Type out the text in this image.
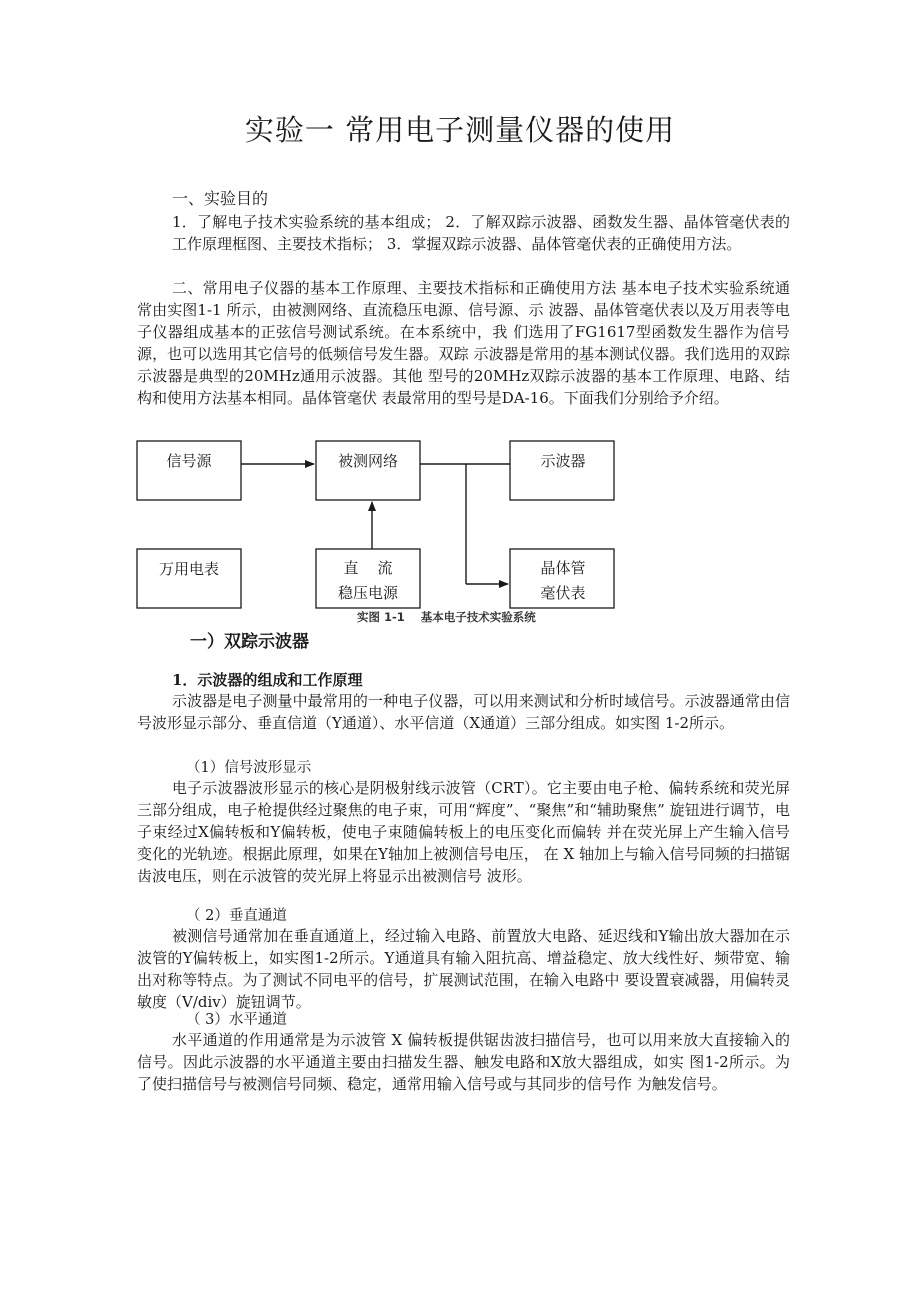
实验一 常用电子测量仪器的使用
一、实验目的

1．了解电子技术实验系统的基本组成； 2．了解双踪示波器、函数发生器、晶体管毫伏表的工作原理框图、主要技术指标； 3．掌握双踪示波器、晶体管毫伏表的正确使用方法。

二、常用电子仪器的基本工作原理、主要技术指标和正确使用方法 基本电子技术实验系统通常由实图1-1 所示，由被测网络、直流稳压电源、信号源、示 波器、晶体管毫伏表以及万用表等电子仪器组成基本的正弦信号测试系统。在本系统中，我 们选用了FG1617型函数发生器作为信号源，也可以选用其它信号的低频信号发生器。双踪 示波器是常用的基本测试仪器。我们选用的双踪示波器是典型的20MHz通用示波器。其他 型号的20MHz双踪示波器的基本工作原理、电路、结构和使用方法基本相同。晶体管毫伏 表最常用的型号是DA-16。下面我们分别给予介绍。

信号源	被测网络	示波器
万用电表	直    流
稳压电源
晶体管
毫伏表
实图 1-1    基本电子技术实验系统
一）双踪示波器
1．示波器的组成和工作原理

示波器是电子测量中最常用的一种电子仪器，可以用来测试和分析时域信号。示波器通常由信号波形显示部分、垂直信道（Y通道）、水平信道（X通道）三部分组成。如实图 1-2所示。

（1）信号波形显示

电子示波器波形显示的核心是阴极射线示波管（CRT）。它主要由电子枪、偏转系统和荧光屏三部分组成，电子枪提供经过聚焦的电子束，可用“辉度”、“聚焦”和“辅助聚焦” 旋钮进行调节，电子束经过X偏转板和Y偏转板，使电子束随偏转板上的电压变化而偏转 并在荧光屏上产生输入信号变化的光轨迹。根据此原理，如果在Y轴加上被测信号电压， 在 X 轴加上与输入信号同频的扫描锯齿波电压，则在示波管的荧光屏上将显示出被测信号 波形。

（ 2）垂直通道

被测信号通常加在垂直通道上，经过输入电路、前置放大电路、延迟线和Y输出放大器加在示波管的Y偏转板上，如实图1-2所示。Y通道具有输入阻抗高、增益稳定、放大线性好、频带宽、输出对称等特点。为了测试不同电平的信号，扩展测试范围，在输入电路中 要设置衰减器，用偏转灵敏度（V/div）旋钮调节。

（ 3）水平通道

水平通道的作用通常是为示波管 X 偏转板提供锯齿波扫描信号，也可以用来放大直接输入的信号。因此示波器的水平通道主要由扫描发生器、触发电路和X放大器组成，如实 图1-2所示。为了使扫描信号与被测信号同频、稳定，通常用输入信号或与其同步的信号作 为触发信号。
